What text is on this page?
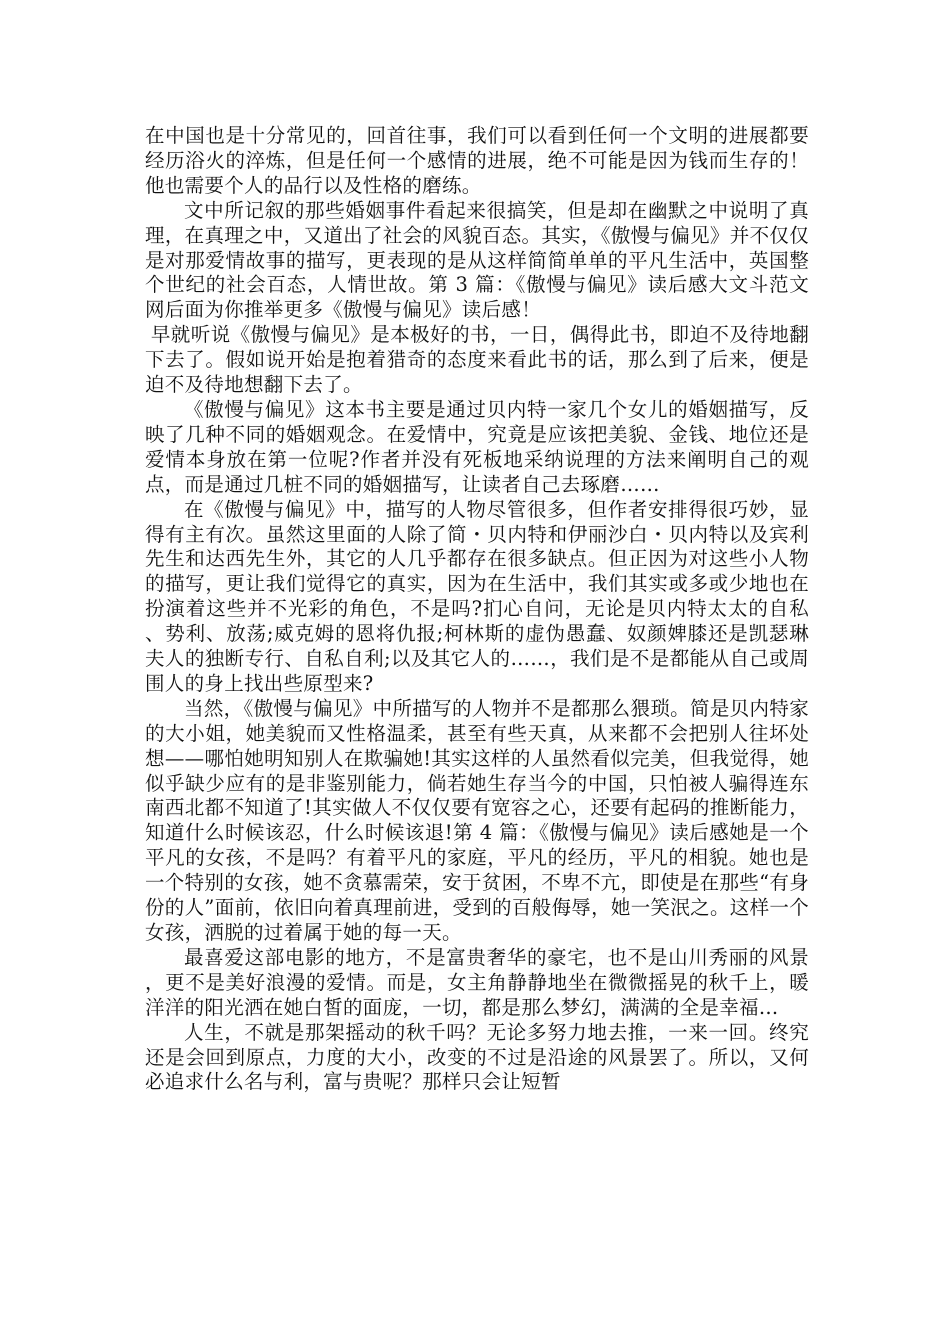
在中国也是十分常见的，回首往事，我们可以看到任何一个文明的进展都要经历浴火的淬炼，但是任何一个感情的进展，绝不可能是因为钱而生存的！他也需要个人的品行以及性格的磨练。

文中所记叙的那些婚姻事件看起来很搞笑，但是却在幽默之中说明了真理，在真理之中，又道出了社会的风貌百态。其实，《傲慢与偏见》并不仅仅是对那爱情故事的描写，更表现的是从这样简简单单的平凡生活中，英国整个世纪的社会百态，人情世故。第 3 篇：《傲慢与偏见》读后感大文斗范文网后面为你推举更多《傲慢与偏见》读后感！

早就听说《傲慢与偏见》是本极好的书，一日，偶得此书，即迫不及待地翻下去了。假如说开始是抱着猎奇的态度来看此书的话，那么到了后来，便是迫不及待地想翻下去了。

《傲慢与偏见》这本书主要是通过贝内特一家几个女儿的婚姻描写，反映了几种不同的婚姻观念。在爱情中，究竟是应该把美貌、金钱、地位还是爱情本身放在第一位呢?作者并没有死板地采纳说理的方法来阐明自己的观点，而是通过几桩不同的婚姻描写，让读者自己去琢磨……

在《傲慢与偏见》中，描写的人物尽管很多，但作者安排得很巧妙，显得有主有次。虽然这里面的人除了简・贝内特和伊丽沙白・贝内特以及宾利先生和达西先生外，其它的人几乎都存在很多缺点。但正因为对这些小人物的描写，更让我们觉得它的真实，因为在生活中，我们其实或多或少地也在扮演着这些并不光彩的角色，不是吗?扪心自问，无论是贝内特太太的自私、势利、放荡;威克姆的恩将仇报;柯林斯的虚伪愚蠢、奴颜婢膝还是凯瑟琳夫人的独断专行、自私自利;以及其它人的……，我们是不是都能从自己或周围人的身上找出些原型来?

当然，《傲慢与偏见》中所描写的人物并不是都那么猥琐。简是贝内特家的大小姐，她美貌而又性格温柔，甚至有些天真，从来都不会把别人往坏处想——哪怕她明知别人在欺骗她!其实这样的人虽然看似完美，但我觉得，她似乎缺少应有的是非鉴别能力，倘若她生存当今的中国，只怕被人骗得连东南西北都不知道了!其实做人不仅仅要有宽容之心，还要有起码的推断能力，知道什么时候该忍，什么时候该退!第 4 篇：《傲慢与偏见》读后感她是一个平凡的女孩，不是吗？有着平凡的家庭，平凡的经历，平凡的相貌。她也是一个特别的女孩，她不贪慕需荣，安于贫困，不卑不亢，即使是在那些“有身份的人”面前，依旧向着真理前进，受到的百般侮辱，她一笑泯之。这样一个女孩，洒脱的过着属于她的每一天。

最喜爱这部电影的地方，不是富贵奢华的豪宅，也不是山川秀丽的风景，更不是美好浪漫的爱情。而是，女主角静静地坐在微微摇晃的秋千上，暖洋洋的阳光洒在她白皙的面庞，一切，都是那么梦幻，满满的全是幸福…

人生，不就是那架摇动的秋千吗？无论多努力地去推，一来一回。终究还是会回到原点，力度的大小，改变的不过是沿途的风景罢了。所以，又何必追求什么名与利，富与贵呢？那样只会让短暂
